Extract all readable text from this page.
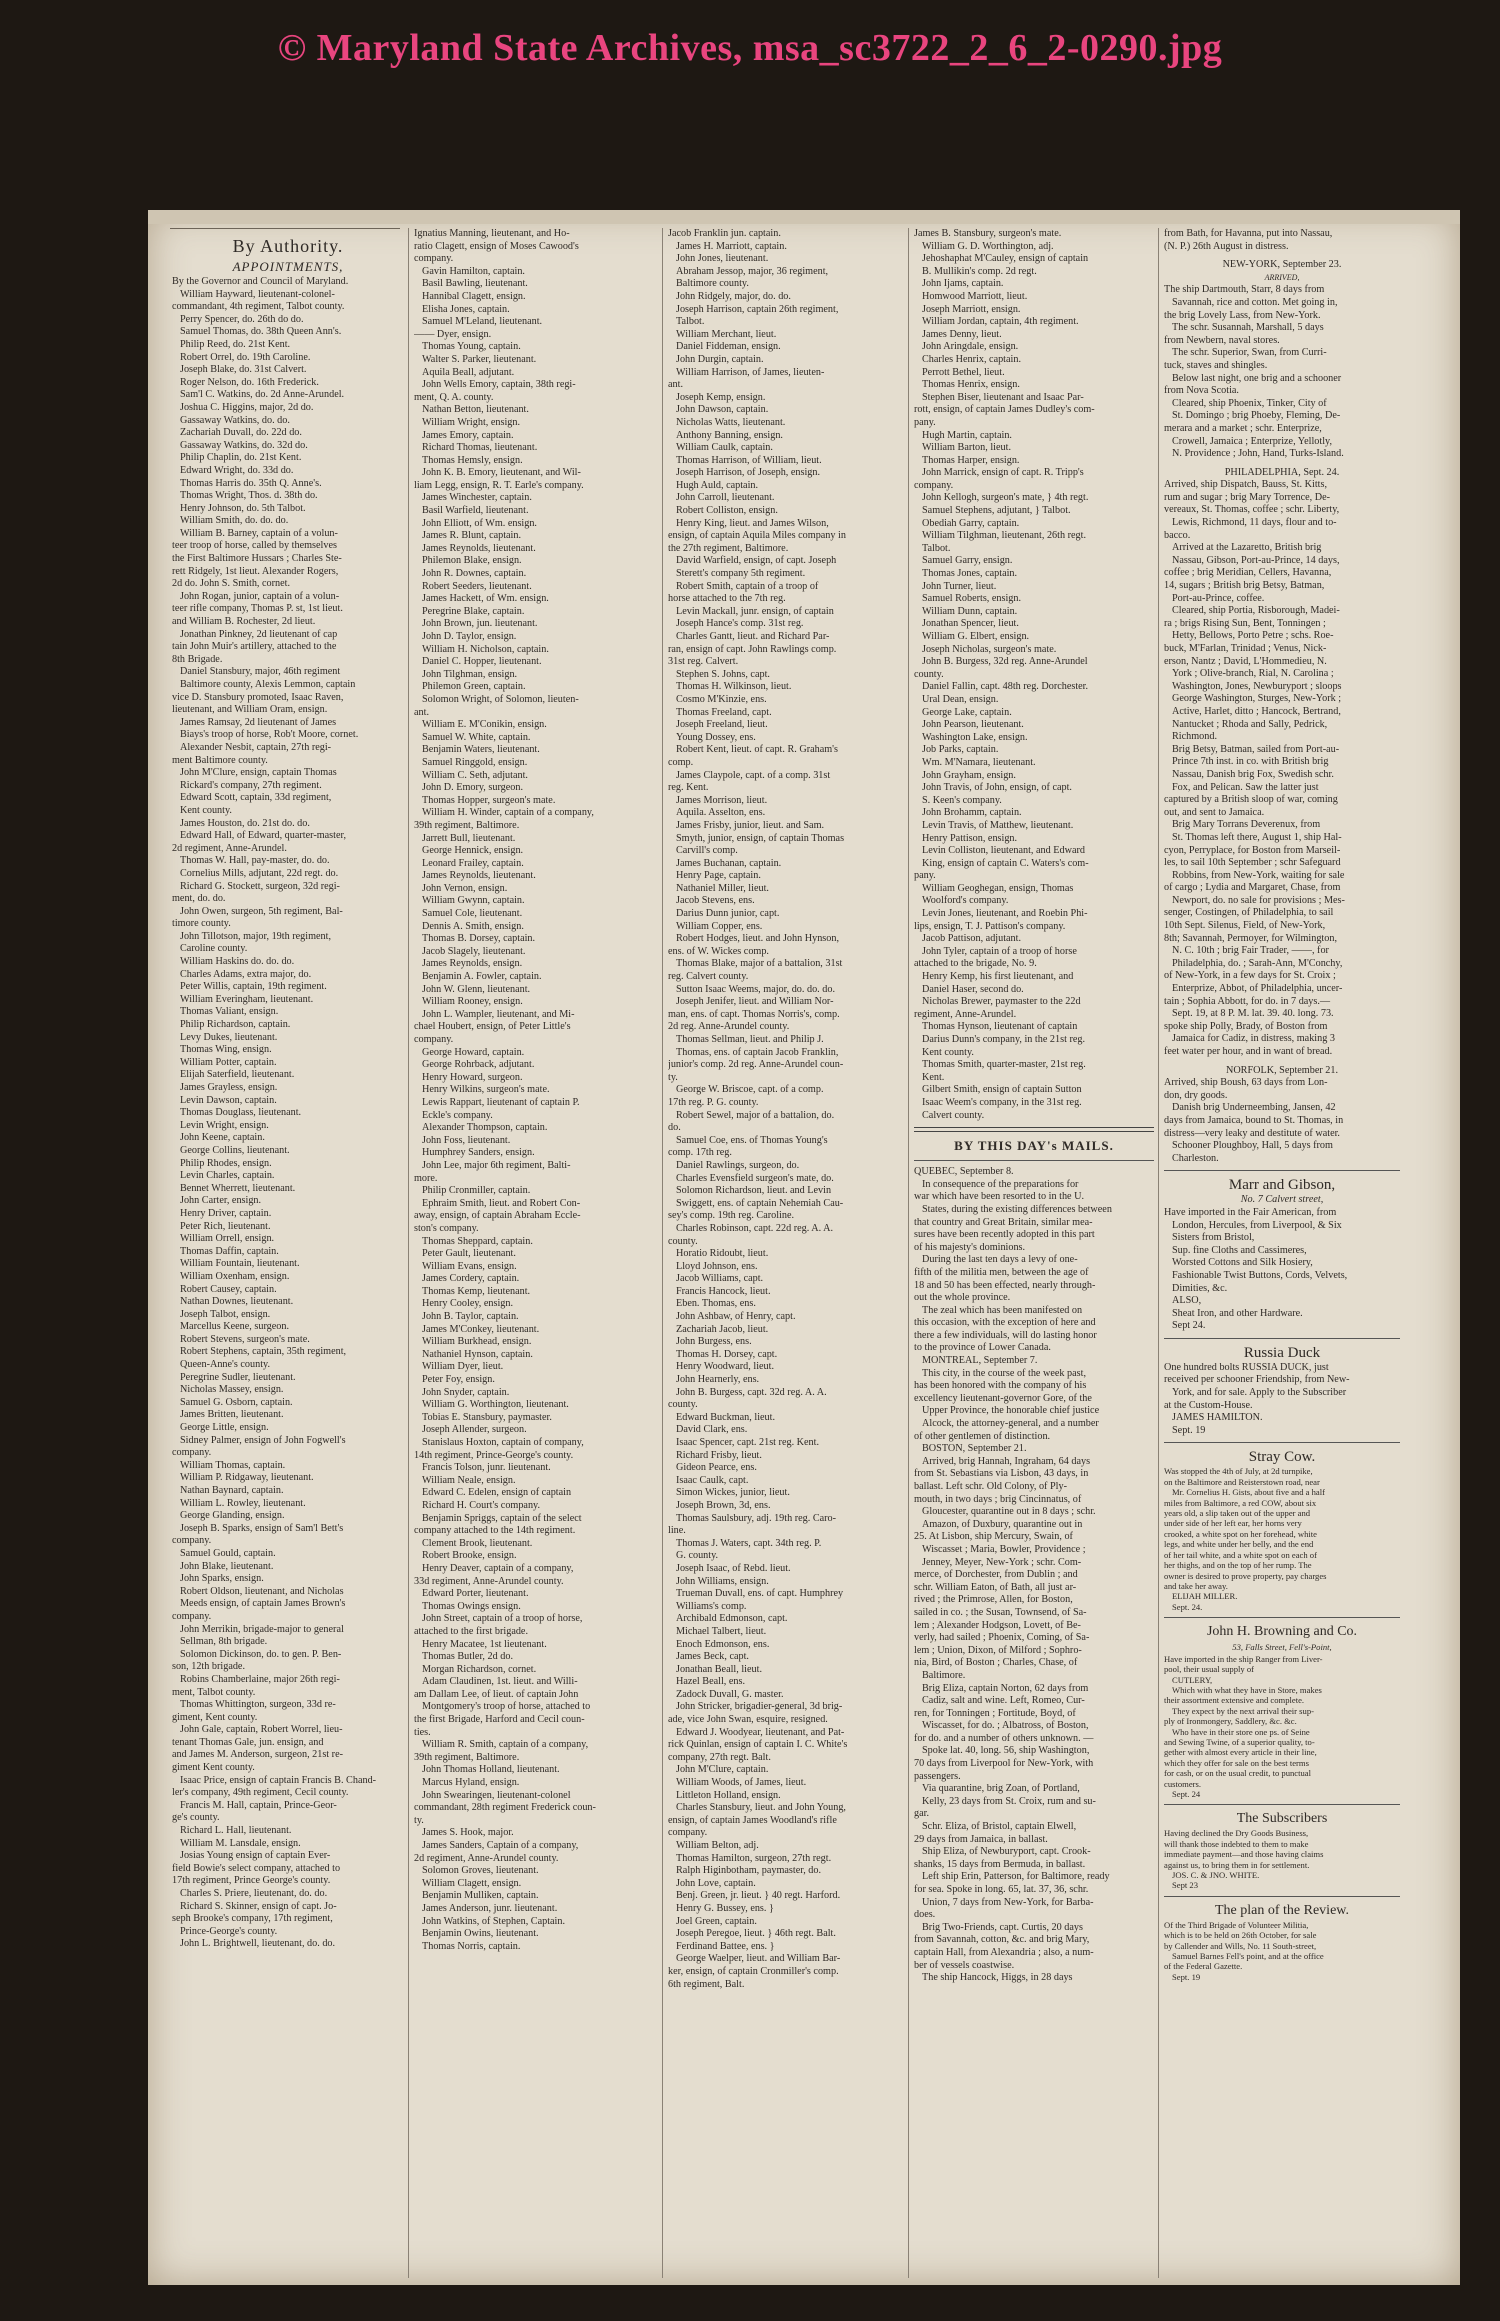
© Maryland State Archives, msa_sc3722_2_6_2-0290.jpg
By Authority.
APPOINTMENTS,
By the Governor and Council of Maryland.
William Hayward, lieutenant-colonel-
commandant, 4th regiment, Talbot county.
Perry Spencer, do. 26th do do.
Samuel Thomas, do. 38th Queen Ann's.
Philip Reed, do. 21st Kent.
Robert Orrel, do. 19th Caroline.
Joseph Blake, do. 31st Calvert.
Roger Nelson, do. 16th Frederick.
Sam'l C. Watkins, do. 2d Anne-Arundel.
Joshua C. Higgins, major, 2d do.
Gassaway Watkins, do. do.
Zachariah Duvall, do. 22d do.
Gassaway Watkins, do. 32d do.
Philip Chaplin, do. 21st Kent.
Edward Wright, do. 33d do.
Thomas Harris do. 35th Q. Anne's.
Thomas Wright, Thos. d. 38th do.
Henry Johnson, do. 5th Talbot.
William Smith, do. do. do.
William B. Barney, captain of a volun-
teer troop of horse, called by themselves
the First Baltimore Hussars ; Charles Ste-
rett Ridgely, 1st lieut. Alexander Rogers,
2d do. John S. Smith, cornet.
John Rogan, junior, captain of a volun-
teer rifle company, Thomas P. st, 1st lieut.
and William B. Rochester, 2d lieut.
Jonathan Pinkney, 2d lieutenant of cap
tain John Muir's artillery, attached to the
8th Brigade.
Daniel Stansbury, major, 46th regiment
Baltimore county, Alexis Lemmon, captain
vice D. Stansbury promoted, Isaac Raven,
lieutenant, and William Oram, ensign.
James Ramsay, 2d lieutenant of James
Biays's troop of horse, Rob't Moore, cornet.
Alexander Nesbit, captain, 27th regi-
ment Baltimore county.
John M'Clure, ensign, captain Thomas
Rickard's company, 27th regiment.
Edward Scott, captain, 33d regiment,
Kent county.
James Houston, do. 21st do. do.
Edward Hall, of Edward, quarter-master,
2d regiment, Anne-Arundel.
Thomas W. Hall, pay-master, do. do.
Cornelius Mills, adjutant, 22d regt. do.
Richard G. Stockett, surgeon, 32d regi-
ment, do. do.
John Owen, surgeon, 5th regiment, Bal-
timore county.
John Tillotson, major, 19th regiment,
Caroline county.
William Haskins do. do. do.
Charles Adams, extra major, do.
Peter Willis, captain, 19th regiment.
William Everingham, lieutenant.
Thomas Valiant, ensign.
Philip Richardson, captain.
Levy Dukes, lieutenant.
Thomas Wing, ensign.
William Potter, captain.
Elijah Saterfield, lieutenant.
James Grayless, ensign.
Levin Dawson, captain.
Thomas Douglass, lieutenant.
Levin Wright, ensign.
John Keene, captain.
George Collins, lieutenant.
Philip Rhodes, ensign.
Levin Charles, captain.
Bennet Wherrett, lieutenant.
John Carter, ensign.
Henry Driver, captain.
Peter Rich, lieutenant.
William Orrell, ensign.
Thomas Daffin, captain.
William Fountain, lieutenant.
William Oxenham, ensign.
Robert Causey, captain.
Nathan Downes, lieutenant.
Joseph Talbot, ensign.
Marcellus Keene, surgeon.
Robert Stevens, surgeon's mate.
Robert Stephens, captain, 35th regiment,
Queen-Anne's county.
Peregrine Sudler, lieutenant.
Nicholas Massey, ensign.
Samuel G. Osborn, captain.
James Britten, lieutenant.
George Little, ensign.
Sidney Palmer, ensign of John Fogwell's
company.
William Thomas, captain.
William P. Ridgaway, lieutenant.
Nathan Baynard, captain.
William L. Rowley, lieutenant.
George Glanding, ensign.
Joseph B. Sparks, ensign of Sam'l Bett's
company.
Samuel Gould, captain.
John Blake, lieutenant.
John Sparks, ensign.
Robert Oldson, lieutenant, and Nicholas
Meeds ensign, of captain James Brown's
company.
John Merrikin, brigade-major to general
Sellman, 8th brigade.
Solomon Dickinson, do. to gen. P. Ben-
son, 12th brigade.
Robins Chamberlaine, major 26th regi-
ment, Talbot county.
Thomas Whittington, surgeon, 33d re-
giment, Kent county.
John Gale, captain, Robert Worrel, lieu-
tenant Thomas Gale, jun. ensign, and
and James M. Anderson, surgeon, 21st re-
giment Kent county.
Isaac Price, ensign of captain Francis B. Chand-
ler's company, 49th regiment, Cecil county.
Francis M. Hall, captain, Prince-Geor-
ge's county.
Richard L. Hall, lieutenant.
William M. Lansdale, ensign.
Josias Young ensign of captain Ever-
field Bowie's select company, attached to
17th regiment, Prince George's county.
Charles S. Priere, lieutenant, do. do.
Richard S. Skinner, ensign of capt. Jo-
seph Brooke's company, 17th regiment,
Prince-George's county.
John L. Brightwell, lieutenant, do. do.
Ignatius Manning, lieutenant, and Ho-
ratio Clagett, ensign of Moses Cawood's
company.
Gavin Hamilton, captain.
Basil Bawling, lieutenant.
Hannibal Clagett, ensign.
Elisha Jones, captain.
Samuel M'Leland, lieutenant.
—— Dyer, ensign.
Thomas Young, captain.
Walter S. Parker, lieutenant.
Aquila Beall, adjutant.
John Wells Emory, captain, 38th regi-
ment, Q. A. county.
Nathan Betton, lieutenant.
William Wright, ensign.
James Emory, captain.
Richard Thomas, lieutenant.
Thomas Hemsly, ensign.
John K. B. Emory, lieutenant, and Wil-
liam Legg, ensign, R. T. Earle's company.
James Winchester, captain.
Basil Warfield, lieutenant.
John Elliott, of Wm. ensign.
James R. Blunt, captain.
James Reynolds, lieutenant.
Philemon Blake, ensign.
John R. Downes, captain.
Robert Seeders, lieutenant.
James Hackett, of Wm. ensign.
Peregrine Blake, captain.
John Brown, jun. lieutenant.
John D. Taylor, ensign.
William H. Nicholson, captain.
Daniel C. Hopper, lieutenant.
John Tilghman, ensign.
Philemon Green, captain.
Solomon Wright, of Solomon, lieuten-
ant.
William E. M'Conikin, ensign.
Samuel W. White, captain.
Benjamin Waters, lieutenant.
Samuel Ringgold, ensign.
William C. Seth, adjutant.
John D. Emory, surgeon.
Thomas Hopper, surgeon's mate.
William H. Winder, captain of a company,
39th regiment, Baltimore.
Jarrett Bull, lieutenant.
George Hennick, ensign.
Leonard Frailey, captain.
James Reynolds, lieutenant.
John Vernon, ensign.
William Gwynn, captain.
Samuel Cole, lieutenant.
Dennis A. Smith, ensign.
Thomas B. Dorsey, captain.
Jacob Slagely, lieutenant.
James Reynolds, ensign.
Benjamin A. Fowler, captain.
John W. Glenn, lieutenant.
William Rooney, ensign.
John L. Wampler, lieutenant, and Mi-
chael Houbert, ensign, of Peter Little's
company.
George Howard, captain.
George Rohrback, adjutant.
Henry Howard, surgeon.
Henry Wilkins, surgeon's mate.
Lewis Rappart, lieutenant of captain P.
Eckle's company.
Alexander Thompson, captain.
John Foss, lieutenant.
Humphrey Sanders, ensign.
John Lee, major 6th regiment, Balti-
more.
Philip Cronmiller, captain.
Ephraim Smith, lieut. and Robert Con-
away, ensign, of captain Abraham Eccle-
ston's company.
Thomas Sheppard, captain.
Peter Gault, lieutenant.
William Evans, ensign.
James Cordery, captain.
Thomas Kemp, lieutenant.
Henry Cooley, ensign.
John B. Taylor, captain.
James M'Conkey, lieutenant.
William Burkhead, ensign.
Nathaniel Hynson, captain.
William Dyer, lieut.
Peter Foy, ensign.
John Snyder, captain.
William G. Worthington, lieutenant.
Tobias E. Stansbury, paymaster.
Joseph Allender, surgeon.
Stanislaus Hoxton, captain of company,
14th regiment, Prince-George's county.
Francis Tolson, junr. lieutenant.
William Neale, ensign.
Edward C. Edelen, ensign of captain
Richard H. Court's company.
Benjamin Spriggs, captain of the select
company attached to the 14th regiment.
Clement Brook, lieutenant.
Robert Brooke, ensign.
Henry Deaver, captain of a company,
33d regiment, Anne-Arundel county.
Edward Porter, lieutenant.
Thomas Owings ensign.
John Street, captain of a troop of horse,
attached to the first brigade.
Henry Macatee, 1st lieutenant.
Thomas Butler, 2d do.
Morgan Richardson, cornet.
Adam Claudinen, 1st. lieut. and Willi-
am Dallam Lee, of lieut. of captain John
Montgomery's troop of horse, attached to
the first Brigade, Harford and Cecil coun-
ties.
William R. Smith, captain of a company,
39th regiment, Baltimore.
John Thomas Holland, lieutenant.
Marcus Hyland, ensign.
John Swearingen, lieutenant-colonel
commandant, 28th regiment Frederick coun-
ty.
James S. Hook, major.
James Sanders, Captain of a company,
2d regiment, Anne-Arundel county.
Solomon Groves, lieutenant.
William Clagett, ensign.
Benjamin Mulliken, captain.
James Anderson, junr. lieutenant.
John Watkins, of Stephen, Captain.
Benjamin Owins, lieutenant.
Thomas Norris, captain.
Jacob Franklin jun. captain.
James H. Marriott, captain.
John Jones, lieutenant.
Abraham Jessop, major, 36 regiment,
Baltimore county.
John Ridgely, major, do. do.
Joseph Harrison, captain 26th regiment,
Talbot.
William Merchant, lieut.
Daniel Fiddeman, ensign.
John Durgin, captain.
William Harrison, of James, lieuten-
ant.
Joseph Kemp, ensign.
John Dawson, captain.
Nicholas Watts, lieutenant.
Anthony Banning, ensign.
William Caulk, captain.
Thomas Harrison, of William, lieut.
Joseph Harrison, of Joseph, ensign.
Hugh Auld, captain.
John Carroll, lieutenant.
Robert Colliston, ensign.
Henry King, lieut. and James Wilson,
ensign, of captain Aquila Miles company in
the 27th regiment, Baltimore.
David Warfield, ensign, of capt. Joseph
Sterett's company 5th regiment.
Robert Smith, captain of a troop of
horse attached to the 7th reg.
Levin Mackall, junr. ensign, of captain
Joseph Hance's comp. 31st reg.
Charles Gantt, lieut. and Richard Par-
ran, ensign of capt. John Rawlings comp.
31st reg. Calvert.
Stephen S. Johns, capt.
Thomas H. Wilkinson, lieut.
Cosmo M'Kinzie, ens.
Thomas Freeland, capt.
Joseph Freeland, lieut.
Young Dossey, ens.
Robert Kent, lieut. of capt. R. Graham's
comp.
James Claypole, capt. of a comp. 31st
reg. Kent.
James Morrison, lieut.
Aquila. Asselton, ens.
James Frisby, junior, lieut. and Sam.
Smyth, junior, ensign, of captain Thomas
Carvill's comp.
James Buchanan, captain.
Henry Page, captain.
Nathaniel Miller, lieut.
Jacob Stevens, ens.
Darius Dunn junior, capt.
William Copper, ens.
Robert Hodges, lieut. and John Hynson,
ens. of W. Wickes comp.
Thomas Blake, major of a battalion, 31st
reg. Calvert county.
Sutton Isaac Weems, major, do. do. do.
Joseph Jenifer, lieut. and William Nor-
man, ens. of capt. Thomas Norris's, comp.
2d reg. Anne-Arundel county.
Thomas Sellman, lieut. and Philip J.
Thomas, ens. of captain Jacob Franklin,
junior's comp. 2d reg. Anne-Arundel coun-
ty.
George W. Briscoe, capt. of a comp.
17th reg. P. G. county.
Robert Sewel, major of a battalion, do.
do.
Samuel Coe, ens. of Thomas Young's
comp. 17th reg.
Daniel Rawlings, surgeon, do.
Charles Evensfield surgeon's mate, do.
Solomon Richardson, lieut. and Levin
Swiggett, ens. of captain Nehemiah Cau-
sey's comp. 19th reg. Caroline.
Charles Robinson, capt. 22d reg. A. A.
county.
Horatio Ridoubt, lieut.
Lloyd Johnson, ens.
Jacob Williams, capt.
Francis Hancock, lieut.
Eben. Thomas, ens.
John Ashbaw, of Henry, capt.
Zachariah Jacob, lieut.
John Burgess, ens.
Thomas H. Dorsey, capt.
Henry Woodward, lieut.
John Hearnerly, ens.
John B. Burgess, capt. 32d reg. A. A.
county.
Edward Buckman, lieut.
David Clark, ens.
Isaac Spencer, capt. 21st reg. Kent.
Richard Frisby, lieut.
Gideon Pearce, ens.
Isaac Caulk, capt.
Simon Wickes, junior, lieut.
Joseph Brown, 3d, ens.
Thomas Saulsbury, adj. 19th reg. Caro-
line.
Thomas J. Waters, capt. 34th reg. P.
G. county.
Joseph Isaac, of Rebd. lieut.
John Williams, ensign.
Trueman Duvall, ens. of capt. Humphrey
Williams's comp.
Archibald Edmonson, capt.
Michael Talbert, lieut.
Enoch Edmonson, ens.
James Beck, capt.
Jonathan Beall, lieut.
Hazel Beall, ens.
Zadock Duvall, G. master.
John Stricker, brigadier-general, 3d brig-
ade, vice John Swan, esquire, resigned.
Edward J. Woodyear, lieutenant, and Pat-
rick Quinlan, ensign of captain I. C. White's
company, 27th regt. Balt.
John M'Clure, captain.
William Woods, of James, lieut.
Littleton Holland, ensign.
Charles Stansbury, lieut. and John Young,
ensign, of captain James Woodland's rifle
company.
William Belton, adj.
Thomas Hamilton, surgeon, 27th regt.
Ralph Higinbotham, paymaster, do.
John Love, captain.
Benj. Green, jr. lieut. } 40 regt. Harford.
Henry G. Bussey, ens. }
Joel Green, captain.
Joseph Peregoe, lieut. } 46th regt. Balt.
Ferdinand Battee, ens. }
George Waelper, lieut. and William Bar-
ker, ensign, of captain Cronmiller's comp.
6th regiment, Balt.
James B. Stansbury, surgeon's mate.
William G. D. Worthington, adj.
Jehoshaphat M'Cauley, ensign of captain
B. Mullikin's comp. 2d regt.
John Ijams, captain.
Homwood Marriott, lieut.
Joseph Marriott, ensign.
William Jordan, captain, 4th regiment.
James Denny, lieut.
John Aringdale, ensign.
Charles Henrix, captain.
Perrott Bethel, lieut.
Thomas Henrix, ensign.
Stephen Biser, lieutenant and Isaac Par-
rott, ensign, of captain James Dudley's com-
pany.
Hugh Martin, captain.
William Barton, lieut.
Thomas Harper, ensign.
John Marrick, ensign of capt. R. Tripp's
company.
John Kellogh, surgeon's mate, } 4th regt.
Samuel Stephens, adjutant, } Talbot.
Obediah Garry, captain.
William Tilghman, lieutenant, 26th regt.
Talbot.
Samuel Garry, ensign.
Thomas Jones, captain.
John Turner, lieut.
Samuel Roberts, ensign.
William Dunn, captain.
Jonathan Spencer, lieut.
William G. Elbert, ensign.
Joseph Nicholas, surgeon's mate.
John B. Burgess, 32d reg. Anne-Arundel
county.
Daniel Fallin, capt. 48th reg. Dorchester.
Ural Dean, ensign.
George Lake, captain.
John Pearson, lieutenant.
Washington Lake, ensign.
Job Parks, captain.
Wm. M'Namara, lieutenant.
John Grayham, ensign.
John Travis, of John, ensign, of capt.
S. Keen's company.
John Brohamm, captain.
Levin Travis, of Matthew, lieutenant.
Henry Pattison, ensign.
Levin Colliston, lieutenant, and Edward
King, ensign of captain C. Waters's com-
pany.
William Geoghegan, ensign, Thomas
Woolford's company.
Levin Jones, lieutenant, and Roebin Phi-
lips, ensign, T. J. Pattison's company.
Jacob Pattison, adjutant.
John Tyler, captain of a troop of horse
attached to the brigade, No. 9.
Henry Kemp, his first lieutenant, and
Daniel Haser, second do.
Nicholas Brewer, paymaster to the 22d
regiment, Anne-Arundel.
Thomas Hynson, lieutenant of captain
Darius Dunn's company, in the 21st reg.
Kent county.
Thomas Smith, quarter-master, 21st reg.
Kent.
Gilbert Smith, ensign of captain Sutton
Isaac Weem's company, in the 31st reg.
Calvert county.
BY THIS DAY's MAILS.
QUEBEC, September 8.
In consequence of the preparations for
war which have been resorted to in the U.
States, during the existing differences between
that country and Great Britain, similar mea-
sures have been recently adopted in this part
of his majesty's dominions.
During the last ten days a levy of one-
fifth of the militia men, between the age of
18 and 50 has been effected, nearly through-
out the whole province.
The zeal which has been manifested on
this occasion, with the exception of here and
there a few individuals, will do lasting honor
to the province of Lower Canada.
MONTREAL, September 7.
This city, in the course of the week past,
has been honored with the company of his
excellency lieutenant-governor Gore, of the
Upper Province, the honorable chief justice
Alcock, the attorney-general, and a number
of other gentlemen of distinction.
BOSTON, September 21.
Arrived, brig Hannah, Ingraham, 64 days
from St. Sebastians via Lisbon, 43 days, in
ballast. Left schr. Old Colony, of Ply-
mouth, in two days ; brig Cincinnatus, of
Gloucester, quarantine out in 8 days ; schr.
Amazon, of Duxbury, quarantine out in
25. At Lisbon, ship Mercury, Swain, of
Wiscasset ; Maria, Bowler, Providence ;
Jenney, Meyer, New-York ; schr. Com-
merce, of Dorchester, from Dublin ; and
schr. William Eaton, of Bath, all just ar-
rived ; the Primrose, Allen, for Boston,
sailed in co. ; the Susan, Townsend, of Sa-
lem ; Alexander Hodgson, Lovett, of Be-
verly, had sailed ; Phoenix, Coming, of Sa-
lem ; Union, Dixon, of Milford ; Sophro-
nia, Bird, of Boston ; Charles, Chase, of
Baltimore.
Brig Eliza, captain Norton, 62 days from
Cadiz, salt and wine. Left, Romeo, Cur-
ren, for Tonningen ; Fortitude, Boyd, of
Wiscasset, for do. ; Albatross, of Boston,
for do. and a number of others unknown. —
Spoke lat. 40, long. 56, ship Washington,
70 days from Liverpool for New-York, with
passengers.
Via quarantine, brig Zoan, of Portland,
Kelly, 23 days from St. Croix, rum and su-
gar.
Schr. Eliza, of Bristol, captain Elwell,
29 days from Jamaica, in ballast.
Ship Eliza, of Newburyport, capt. Crook-
shanks, 15 days from Bermuda, in ballast.
Left ship Erin, Patterson, for Baltimore, ready
for sea. Spoke in long. 65, lat. 37, 36, schr.
Union, 7 days from New-York, for Barba-
does.
Brig Two-Friends, capt. Curtis, 20 days
from Savannah, cotton, &c. and brig Mary,
captain Hall, from Alexandria ; also, a num-
ber of vessels coastwise.
The ship Hancock, Higgs, in 28 days
from Bath, for Havanna, put into Nassau,
(N. P.) 26th August in distress.
NEW-YORK, September 23.
ARRIVED,
The ship Dartmouth, Starr, 8 days from
Savannah, rice and cotton. Met going in,
the brig Lovely Lass, from New-York.
The schr. Susannah, Marshall, 5 days
from Newbern, naval stores.
The schr. Superior, Swan, from Curri-
tuck, staves and shingles.
Below last night, one brig and a schooner
from Nova Scotia.
Cleared, ship Phoenix, Tinker, City of
St. Domingo ; brig Phoeby, Fleming, De-
merara and a market ; schr. Enterprize,
Crowell, Jamaica ; Enterprize, Yellotly,
N. Providence ; John, Hand, Turks-Island.
PHILADELPHIA, Sept. 24.
Arrived, ship Dispatch, Bauss, St. Kitts,
rum and sugar ; brig Mary Torrence, De-
vereaux, St. Thomas, coffee ; schr. Liberty,
Lewis, Richmond, 11 days, flour and to-
bacco.
Arrived at the Lazaretto, British brig
Nassau, Gibson, Port-au-Prince, 14 days,
coffee ; brig Meridian, Cellers, Havanna,
14, sugars ; British brig Betsy, Batman,
Port-au-Prince, coffee.
Cleared, ship Portia, Risborough, Madei-
ra ; brigs Rising Sun, Bent, Tonningen ;
Hetty, Bellows, Porto Petre ; schs. Roe-
buck, M'Farlan, Trinidad ; Venus, Nick-
erson, Nantz ; David, L'Hommedieu, N.
York ; Olive-branch, Rial, N. Carolina ;
Washington, Jones, Newburyport ; sloops
George Washington, Sturges, New-York ;
Active, Harlet, ditto ; Hancock, Bertrand,
Nantucket ; Rhoda and Sally, Pedrick,
Richmond.
Brig Betsy, Batman, sailed from Port-au-
Prince 7th inst. in co. with British brig
Nassau, Danish brig Fox, Swedish schr.
Fox, and Pelican. Saw the latter just
captured by a British sloop of war, coming
out, and sent to Jamaica.
Brig Mary Torrans Deverenux, from
St. Thomas left there, August 1, ship Hal-
cyon, Perryplace, for Boston from Marseil-
les, to sail 10th September ; schr Safeguard
Robbins, from New-York, waiting for sale
of cargo ; Lydia and Margaret, Chase, from
Newport, do. no sale for provisions ; Mes-
senger, Costingen, of Philadelphia, to sail
10th Sept. Silenus, Field, of New-York,
8th; Savannah, Permoyer, for Wilmington,
N. C. 10th ; brig Fair Trader, ——, for
Philadelphia, do. ; Sarah-Ann, M'Conchy,
of New-York, in a few days for St. Croix ;
Enterprize, Abbot, of Philadelphia, uncer-
tain ; Sophia Abbott, for do. in 7 days.—
Sept. 19, at 8 P. M. lat. 39. 40. long. 73.
spoke ship Polly, Brady, of Boston from
Jamaica for Cadiz, in distress, making 3
feet water per hour, and in want of bread.
NORFOLK, September 21.
Arrived, ship Boush, 63 days from Lon-
don, dry goods.
Danish brig Underneembing, Jansen, 42
days from Jamaica, bound to St. Thomas, in
distress—very leaky and destitute of water.
Schooner Ploughboy, Hall, 5 days from
Charleston.
Marr and Gibson,
No. 7 Calvert street,
Have imported in the Fair American, from
London, Hercules, from Liverpool, & Six
Sisters from Bristol,
Sup. fine Cloths and Cassimeres,
Worsted Cottons and Silk Hosiery,
Fashionable Twist Buttons, Cords, Velvets,
Dimities, &c.
ALSO,
Sheat Iron, and other Hardware.
Sept 24.
Russia Duck
One hundred bolts RUSSIA DUCK, just
received per schooner Friendship, from New-
York, and for sale. Apply to the Subscriber
at the Custom-House.
JAMES HAMILTON.
Sept. 19
Stray Cow.
Was stopped the 4th of July, at 2d turnpike,
on the Baltimore and Reisterstown road, near
Mr. Cornelius H. Gists, about five and a half
miles from Baltimore, a red COW, about six
years old, a slip taken out of the upper and
under side of her left ear, her horns very
crooked, a white spot on her forehead, white
legs, and white under her belly, and the end
of her tail white, and a white spot on each of
her thighs, and on the top of her rump. The
owner is desired to prove property, pay charges
and take her away.
ELIJAH MILLER.
Sept. 24.
John H. Browning and Co.
53, Falls Street, Fell's-Point,
Have imported in the ship Ranger from Liver-
pool, their usual supply of
CUTLERY,
Which with what they have in Store, makes
their assortment extensive and complete.
They expect by the next arrival their sup-
ply of Ironmongery, Saddlery, &c. &c.
Who have in their store one ps. of Seine
and Sewing Twine, of a superior quality, to-
gether with almost every article in their line,
which they offer for sale on the best terms
for cash, or on the usual credit, to punctual
customers.
Sept. 24
The Subscribers
Having declined the Dry Goods Business,
will thank those indebted to them to make
immediate payment—and those having claims
against us, to bring them in for settlement.
JOS. C. & JNO. WHITE.
Sept 23
The plan of the Review.
Of the Third Brigade of Volunteer Militia,
which is to be held on 26th October, for sale
by Callender and Wills, No. 11 South-street,
Samuel Barnes Fell's point, and at the office
of the Federal Gazette.
Sept. 19
